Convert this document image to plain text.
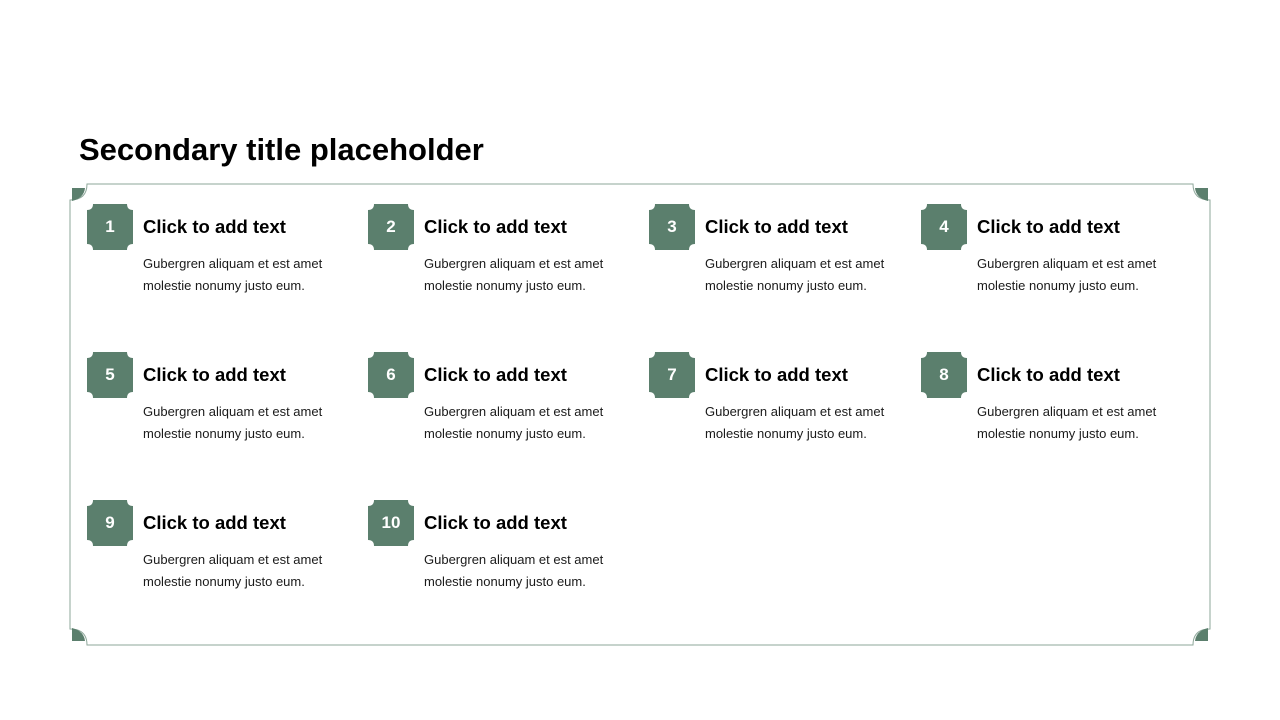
Secondary title placeholder
1	Click to add text
Gubergren aliquam et est amet molestie nonumy justo eum.
2	Click to add text
Gubergren aliquam et est amet molestie nonumy justo eum.
3	Click to add text
Gubergren aliquam et est amet molestie nonumy justo eum.
4	Click to add text
Gubergren aliquam et est amet molestie nonumy justo eum.
5	Click to add text
Gubergren aliquam et est amet molestie nonumy justo eum.
6	Click to add text
Gubergren aliquam et est amet molestie nonumy justo eum.
7	Click to add text
Gubergren aliquam et est amet molestie nonumy justo eum.
8	Click to add text
Gubergren aliquam et est amet molestie nonumy justo eum.
9	Click to add text
Gubergren aliquam et est amet molestie nonumy justo eum.
10	Click to add text
Gubergren aliquam et est amet molestie nonumy justo eum.
